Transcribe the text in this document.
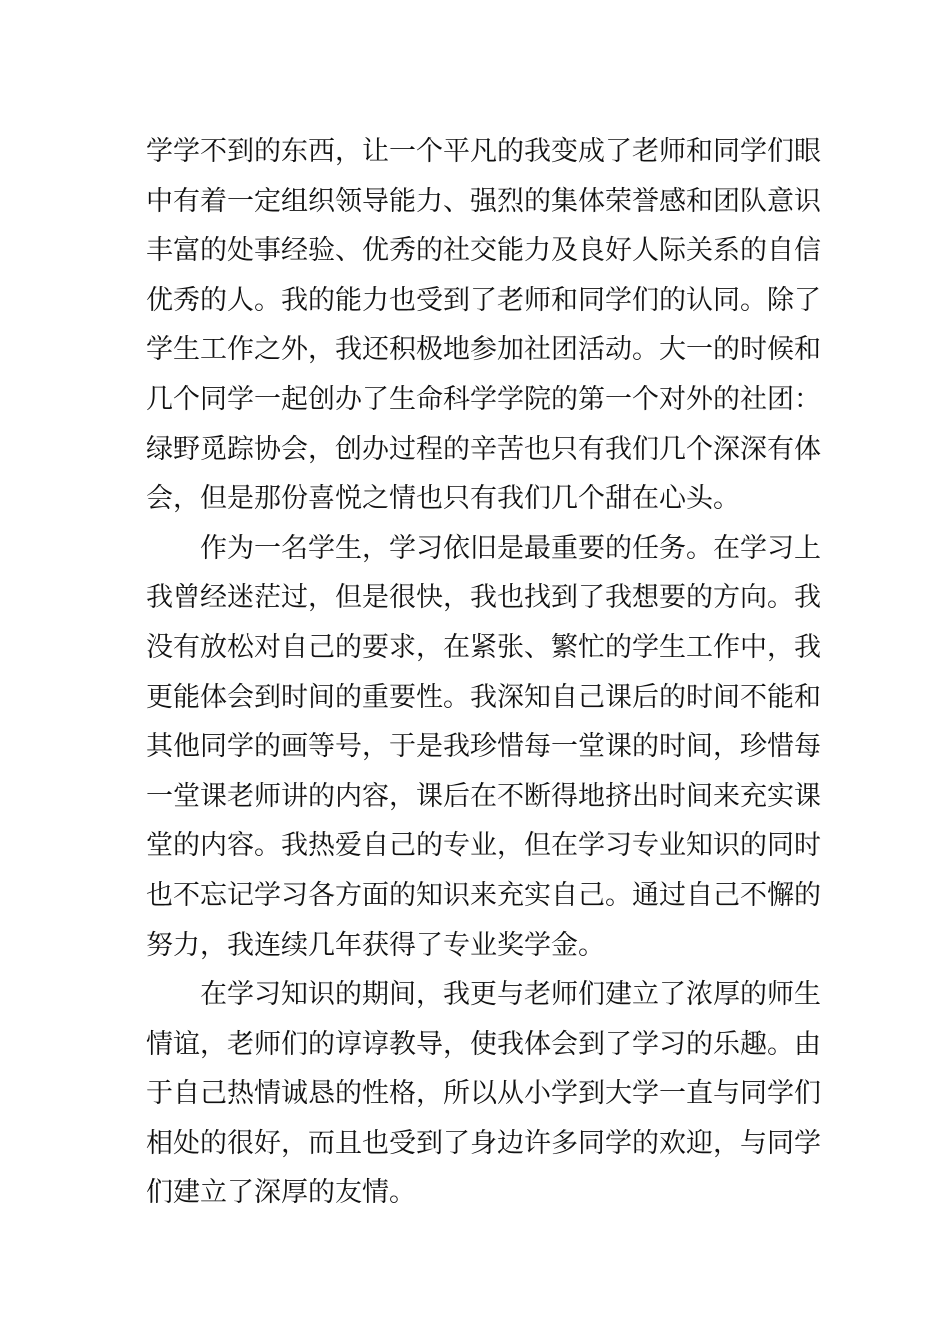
学学不到的东西，让一个平凡的我变成了老师和同学们眼
中有着一定组织领导能力、强烈的集体荣誉感和团队意识
丰富的处事经验、优秀的社交能力及良好人际关系的自信
优秀的人。我的能力也受到了老师和同学们的认同。除了
学生工作之外，我还积极地参加社团活动。大一的时候和
几个同学一起创办了生命科学学院的第一个对外的社团：
绿野觅踪协会，创办过程的辛苦也只有我们几个深深有体
会，但是那份喜悦之情也只有我们几个甜在心头。
作为一名学生，学习依旧是最重要的任务。在学习上
我曾经迷茫过，但是很快，我也找到了我想要的方向。我
没有放松对自己的要求，在紧张、繁忙的学生工作中，我
更能体会到时间的重要性。我深知自己课后的时间不能和
其他同学的画等号，于是我珍惜每一堂课的时间，珍惜每
一堂课老师讲的内容，课后在不断得地挤出时间来充实课
堂的内容。我热爱自己的专业，但在学习专业知识的同时
也不忘记学习各方面的知识来充实自己。通过自己不懈的
努力，我连续几年获得了专业奖学金。
在学习知识的期间，我更与老师们建立了浓厚的师生
情谊，老师们的谆谆教导，使我体会到了学习的乐趣。由
于自己热情诚恳的性格，所以从小学到大学一直与同学们
相处的很好，而且也受到了身边许多同学的欢迎，与同学
们建立了深厚的友情。
